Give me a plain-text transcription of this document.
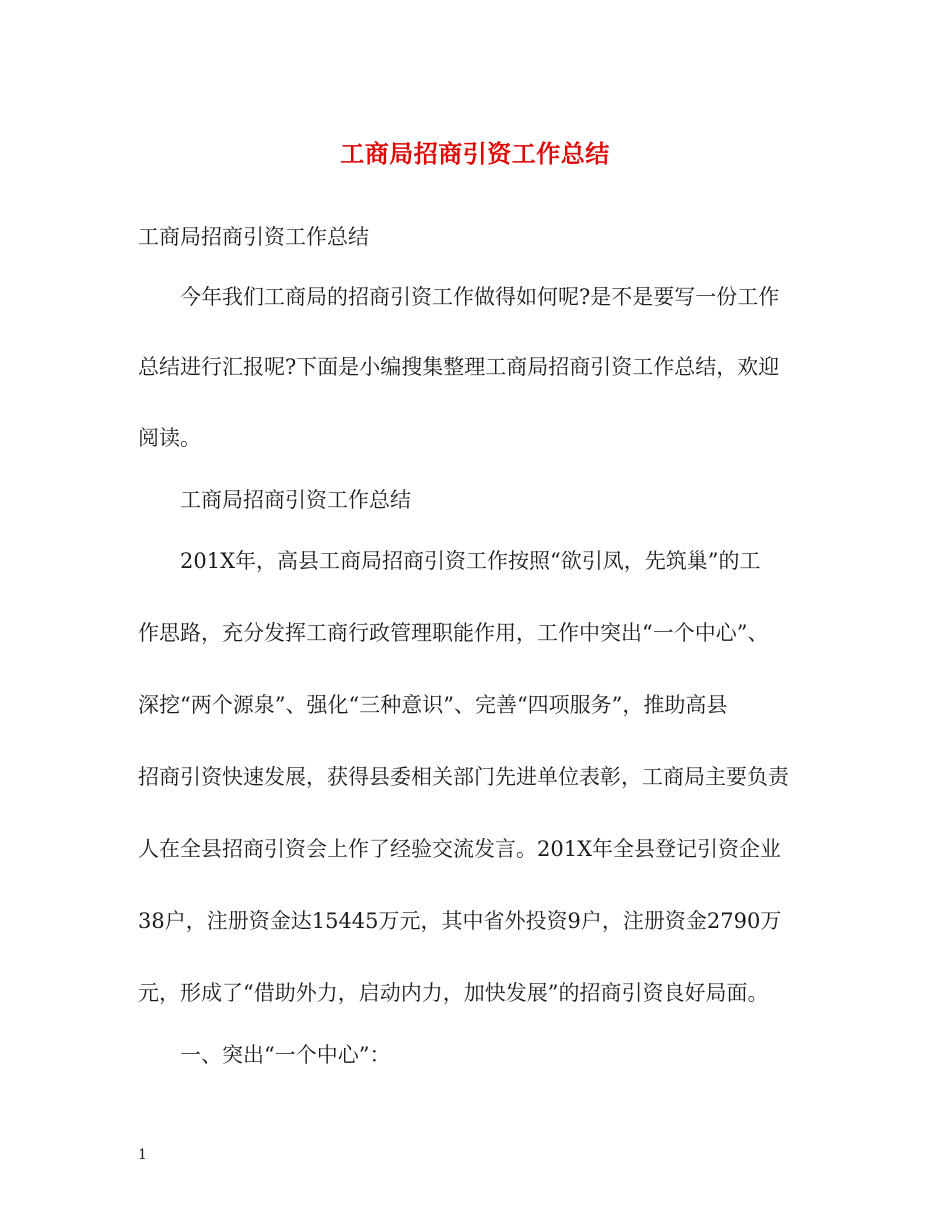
工商局招商引资工作总结
工商局招商引资工作总结
今年我们工商局的招商引资工作做得如何呢?是不是要写一份工作
总结进行汇报呢?下面是小编搜集整理工商局招商引资工作总结，欢迎
阅读。
工商局招商引资工作总结
201X年，高县工商局招商引资工作按照“欲引凤，先筑巢”的工
作思路，充分发挥工商行政管理职能作用，工作中突出“一个中心”、
深挖“两个源泉”、强化“三种意识”、完善“四项服务”，推助高县
招商引资快速发展，获得县委相关部门先进单位表彰，工商局主要负责
人在全县招商引资会上作了经验交流发言。201X年全县登记引资企业
38户，注册资金达15445万元，其中省外投资9户，注册资金2790万
元，形成了“借助外力，启动内力，加快发展”的招商引资良好局面。
一、突出“一个中心”：
1
